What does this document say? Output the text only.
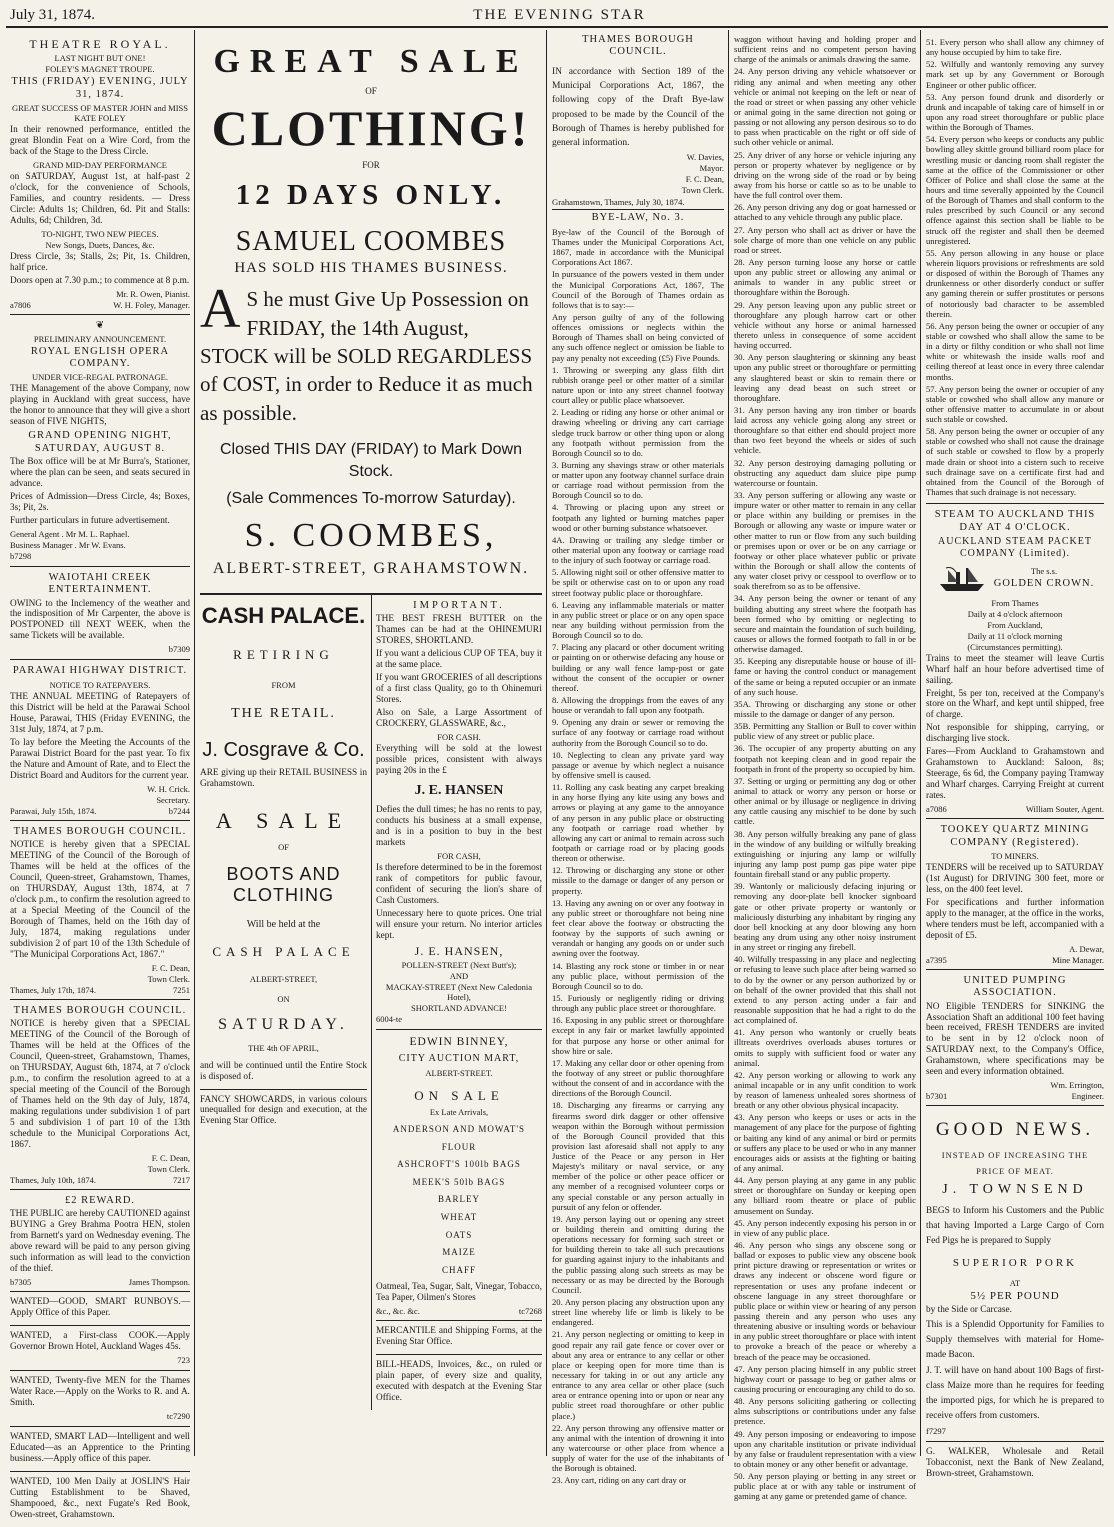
July 31, 1874.	THE EVENING STAR
THEATRE ROYAL.
LAST NIGHT BUT ONE!
FOLEY'S MAGNET TROUPE.
THIS (FRIDAY) EVENING, JULY 31, 1874.
GREAT SUCCESS OF MASTER JOHN and MISS KATE FOLEY

In their renowned performance, entitled the great Blondin Feat on a Wire Cord, from the back of the Stage to the Dress Circle.

GRAND MID-DAY PERFORMANCE

on SATURDAY, August 1st, at half-past 2 o'clock, for the convenience of Schools, Families, and country residents. — Dress Circle: Adults 1s; Children, 6d. Pit and Stalls: Adults, 6d; Children, 3d.

TO-NIGHT, TWO NEW PIECES.
New Songs, Duets, Dances, &c.

Dress Circle, 3s; Stalls, 2s; Pit, 1s. Children, half price.

Doors open at 7.30 p.m.; to commence at 8 p.m.

Mr. R. Owen, Pianist.
a7806	W. H. Foley, Manager.
❦
PRELIMINARY ANNOUNCEMENT.
ROYAL ENGLISH OPERA COMPANY.
UNDER VICE-REGAL PATRONAGE.

THE Management of the above Company, now playing in Auckland with great success, have the honor to announce that they will give a short season of FIVE NIGHTS,

GRAND OPENING NIGHT, SATURDAY, AUGUST 8.

The Box office will be at Mr Burra's, Stationer, where the plan can be seen, and seats secured in advance.

Prices of Admission—Dress Circle, 4s; Boxes, 3s; Pit, 2s.

Further particulars in future advertisement.

General Agent . Mr M. L. Raphael.
Business Manager . Mr W. Evans.
b7298
WAIOTAHI CREEK ENTERTAINMENT.

OWING to the Inclemency of the weather and the indisposition of Mr Carpenter, the above is POSTPONED till NEXT WEEK, when the same Tickets will be available.

b7309
PARAWAI HIGHWAY DISTRICT.
NOTICE TO RATEPAYERS.

THE ANNUAL MEETING of Ratepayers of this District will be held at the Parawai School House, Parawai, THIS (Friday EVENING, the 31st July, 1874, at 7 p.m.

To lay before the Meeting the Accounts of the Parawai District Board for the past year. To fix the Nature and Amount of Rate, and to Elect the District Board and Auditors for the current year.

W. H. Crick.
Secretary.
Parawai, July 15th, 1874.	b7244
THAMES BOROUGH COUNCIL.

NOTICE is hereby given that a SPECIAL MEETING of the Council of the Borough of Thames will be held at the offices of the Council, Queen-street, Grahamstown, Thames, on THURSDAY, August 13th, 1874, at 7 o'clock p.m., to confirm the resolution agreed to at a Special Meeting of the Council of the Borough of Thames, held on the 16th day of July, 1874, making regulations under subdivision 2 of part 10 of the 13th Schedule of "The Municipal Corporations Act, 1867."

F. C. Dean,
Town Clerk.
Thames, July 17th, 1874.	7251
THAMES BOROUGH COUNCIL.

NOTICE is hereby given that a SPECIAL MEETING of the Council of the Borough of Thames will be held at the Offices of the Council, Queen-street, Grahamstown, Thames, on THURSDAY, August 6th, 1874, at 7 o'clock p.m., to confirm the resolution agreed to at a special meeting of the Council of the Borough of Thames held on the 9th day of July, 1874, making regulations under subdivision 1 of part 5 and subdivision 1 of part 10 of the 13th schedule to the Municipal Corporations Act, 1867.

F. C. Dean,
Town Clerk.
Thames, July 10th, 1874.	7217
£2 REWARD.

THE PUBLIC are hereby CAUTIONED against BUYING a Grey Brahma Pootra HEN, stolen from Barnett's yard on Wednesday evening. The above reward will be paid to any person giving such information as will lead to the conviction of the thief.

b7305	James Thompson.

WANTED—GOOD, SMART RUNBOYS.—Apply Office of this Paper.

WANTED, a First-class COOK.—Apply Governor Brown Hotel, Auckland Wages 45s.

723

WANTED, Twenty-five MEN for the Thames Water Race.—Apply on the Works to R. and A. Smith.

tc7290

WANTED, SMART LAD—Intelligent and well Educated—as an Apprentice to the Printing business.—Apply office of this paper.

WANTED, 100 Men Daily at JOSLIN'S Hair Cutting Establishment to be Shaved, Shampooed, &c., next Fugate's Red Book, Owen-street, Grahamstown.

GREAT SALE
OF
CLOTHING!
FOR
12 DAYS ONLY.
SAMUEL COOMBES
HAS SOLD HIS THAMES BUSINESS.
A S he must Give Up Possession on FRIDAY, the 14th August, STOCK will be SOLD REGARDLESS of COST, in order to Reduce it as much as possible.
Closed THIS DAY (FRIDAY) to Mark Down Stock.
(Sale Commences To-morrow Saturday).
S. COOMBES,
ALBERT-STREET, GRAHAMSTOWN.
CASH PALACE.
RETIRING
FROM
THE RETAIL.
J. Cosgrave & Co.

ARE giving up their RETAIL BUSINESS in Grahamstown.

A SALE
OF
BOOTS AND CLOTHING
Will be held at the
CASH PALACE
ALBERT-STREET,
ON
SATURDAY.
THE 4th OF APRIL,

and will be continued until the Entire Stock is disposed of.

FANCY SHOWCARDS, in various colours unequalled for design and execution, at the Evening Star Office.

IMPORTANT.

THE BEST FRESH BUTTER on the Thames can be had at the OHINEMURI STORES, SHORTLAND.

If you want a delicious CUP OF TEA, buy it at the same place.

If you want GROCERIES of all descriptions of a first class Quality, go to th Ohinemuri Stores.

Also on Sale, a Large Assortment of CROCKERY, GLASSWARE, &c.,

FOR CASH.

Everything will be sold at the lowest possible prices, consistent with always paying 20s in the £

J. E. HANSEN

Defies the dull times; he has no rents to pay, conducts his business at a small expense, and is in a position to buy in the best markets

FOR CASH,

Is therefore determined to be in the foremost rank of competitors for public favour, confident of securing the lion's share of Cash Customers.

Unnecessary here to quote prices. One trial will ensure your return. No interior articles kept.

J. E. HANSEN,
POLLEN-STREET (Next Butt's);
AND
MACKAY-STREET (Next New Caledonia Hotel),
SHORTLAND ADVANCE!
6004-te
EDWIN BINNEY,
CITY AUCTION MART,
ALBERT-STREET.
ON SALE
Ex Late Arrivals,
ANDERSON AND MOWAT'S
FLOUR
ASHCROFT'S 100lb BAGS
MEEK'S 50lb BAGS
BARLEY
WHEAT
OATS
MAIZE
CHAFF

Oatmeal, Tea, Sugar, Salt, Vinegar, Tobacco, Tea Paper, Oilmen's Stores

&c., &c. &c.	tc7268

MERCANTILE and Shipping Forms, at the Evening Star Office.

BILL-HEADS, Invoices, &c., on ruled or plain paper, of every size and quality, executed with despatch at the Evening Star Office.

THAMES BOROUGH COUNCIL.

IN accordance with Section 189 of the Municipal Corporations Act, 1867, the following copy of the Draft Bye-law proposed to be made by the Council of the Borough of Thames is hereby published for general information.

W. Davies,
Mayor.
F. C. Dean,
Town Clerk.

Grahamstown, Thames, July 30, 1874.

BYE-LAW, No. 3.

Bye-law of the Council of the Borough of Thames under the Municipal Corporations Act, 1867, made in accordance with the Municipal Corporations Act 1867.

In pursuance of the powers vested in them under the Municipal Corporations Act, 1867, The Council of the Borough of Thames ordain as follows that is to say:—

Any person guilty of any of the following offences omissions or neglects within the Borough of Thames shall on being convicted of any such offence neglect or omission be liable to pay any penalty not exceeding (£5) Five Pounds.

1. Throwing or sweeping any glass filth dirt rubbish orange peel or other matter of a similar nature upon or into any street channel footway court alley or public place whatsoever.

2. Leading or riding any horse or other animal or drawing wheeling or driving any cart carriage sledge truck barrow or other thing upon or along any footpath without permission from the Borough Council so to do.

3. Burning any shavings straw or other materials or matter upon any footway channel surface drain or carriage road without permission from the Borough Council so to do.

4. Throwing or placing upon any street or footpath any lighted or burning matches paper wood or other burning substance whatsoever.

4A. Drawing or trailing any sledge timber or other material upon any footway or carriage road to the injury of such footway or carriage road.

5. Allowing night soil or other offensive matter to be spilt or otherwise cast on to or upon any road street footway public place or thoroughfare.

6. Leaving any inflammable materials or matter in any public street or place or on any open space near any building without permission from the Borough Council so to do.

7. Placing any placard or other document writing or painting on or otherwise defacing any house or building or any wall fence lamp-post or gate without the consent of the occupier or owner thereof.

8. Allowing the droppings from the eaves of any house or verandah to fall upon any footpath.

9. Opening any drain or sewer or removing the surface of any footway or carriage road without authority from the Borough Council so to do.

10. Neglecting to clean any private yard way passage or avenue by which neglect a nuisance by offensive smell is caused.

11. Rolling any cask beating any carpet breaking in any horse flying any kite using any bows and arrows or playing at any game to the annoyance of any person in any public place or obstructing any footpath or carriage road whether by allowing any cart or animal to remain across such footpath or carriage road or by placing goods thereon or otherwise.

12. Throwing or discharging any stone or other missile to the damage or danger of any person or property.

13. Having any awning on or over any footway in any public street or thoroughfare not being nine feet clear above the footway or obstructing the footway by the supports of such awning or verandah or hanging any goods on or under such awning over the footway.

14. Blasting any rock stone or timber in or near any public place, without permission of the Borough Council so to do.

15. Furiously or negligently riding or driving through any public place street or thoroughfare.

16. Exposing in any public street or thoroughfare except in any fair or market lawfully appointed for that purpose any horse or other animal for show hire or sale.

17. Making any cellar door or other opening from the footway of any street or public thoroughfare without the consent of and in accordance with the directions of the Borough Council.

18. Discharging any firearms or carrying any firearms sword dirk dagger or other offensive weapon within the Borough without permission of the Borough Council provided that this provision last aforesaid shall not apply to any Justice of the Peace or any person in Her Majesty's military or naval service, or any member of the police or other peace officer or any member of a recognised volunteer corps or any special constable or any person actually in pursuit of any felon or offender.

19. Any person laying out or opening any street or building therein and omitting during the operations necessary for forming such street or for building therein to take all such precautions for guarding against injury to the inhabitants and the public passing along such streets as may be necessary or as may be directed by the Borough Council.

20. Any person placing any obstruction upon any street line whereby life or limb is likely to be endangered.

21. Any person neglecting or omitting to keep in good repair any rail gate fence or cover over or about any area or entrance to any cellar or other place or keeping open for more time than is necessary for taking in or out any article any entrance to any area cellar or other place (such area or entrance opening into or upon or near any public street road thoroughfare or other public place.)

22. Any person throwing any offensive matter or any animal with the intention of drowning it into any watercourse or other place from whence a supply of water for the use of the inhabitants of the Borough is obtained.

23. Any cart, riding on any cart dray or

waggon without having and holding proper and sufficient reins and no competent person having charge of the animals or animals drawing the same.

24. Any person driving any vehicle whatsoever or riding any animal and when meeting any other vehicle or animal not keeping on the left or near of the road or street or when passing any other vehicle or animal going in the same direction not going or passing or not allowing any person desirous so to do to pass when practicable on the right or off side of such other vehicle or animal.

25. Any driver of any horse or vehicle injuring any person or property whatever by negligence or by driving on the wrong side of the road or by being away from his horse or cattle so as to be unable to have the full control over them.

26. Any person driving any dog or goat harnessed or attached to any vehicle through any public place.

27. Any person who shall act as driver or have the sole charge of more than one vehicle on any public road or street.

28. Any person turning loose any horse or cattle upon any public street or allowing any animal or animals to wander in any public street or thoroughfare within the Borough.

29. Any person leaving upon any public street or thoroughfare any plough harrow cart or other vehicle without any horse or animal harnessed thereto unless in consequence of some accident having occurred.

30. Any person slaughtering or skinning any beast upon any public street or thoroughfare or permitting any slaughtered beast or skin to remain there or leaving any dead beast on such street or thoroughfare.

31. Any person having any iron timber or boards laid across any vehicle going along any street or thoroughfare so that either end should project more than two feet beyond the wheels or sides of such vehicle.

32. Any person destroying damaging polluting or obstructing any aqueduct dam sluice pipe pump watercourse or fountain.

33. Any person suffering or allowing any waste or impure water or other matter to remain in any cellar or place within any building or premises in the Borough or allowing any waste or impure water or other matter to run or flow from any such building or premises upon or over or be on any carriage or footway or other place whatever public or private within the Borough or shall allow the contents of any water closet privy or cesspool to overflow or to soak therefrom so as to be offensive.

34. Any person being the owner or tenant of any building abutting any street where the footpath has been formed who by omitting or neglecting to secure and maintain the foundation of such building, causes or allows the formed footpath to fall in or be otherwise damaged.

35. Keeping any disreputable house or house of ill-fame or having the control conduct or management of the same or being a reputed occupier or an inmate of any such house.

35A. Throwing or discharging any stone or other missile to the damage or danger of any person.

35B. Permitting any Stallion or Bull to cover within public view of any street or public place.

36. The occupier of any property abutting on any footpath not keeping clean and in good repair the footpath in front of the property so occupied by him.

37. Setting or urging or permitting any dog or other animal to attack or worry any person or horse or other animal or by illusage or negligence in driving any cattle causing any mischief to be done by such cattle.

38. Any person wilfully breaking any pane of glass in the window of any building or wilfully breaking extinguishing or injuring any lamp or wilfully injuring any lamp post pump gas pipe water pipe fountain fireball stand or any public property.

39. Wantonly or maliciously defacing injuring or removing any door-plate bell knocker signboard gate or other private property or wantonly or maliciously disturbing any inhabitant by ringing any door bell knocking at any door blowing any horn beating any drum using any other noisy instrument in any street or ringing any firebell.

40. Wilfully trespassing in any place and neglecting or refusing to leave such place after being warned so to do by the owner or any person authorized by or on behalf of the owner provided that this shall not extend to any person acting under a fair and reasonable supposition that he had a right to do the act complained of.

41. Any person who wantonly or cruelly beats illtreats overdrives overloads abuses tortures or omits to supply with sufficient food or water any animal.

42. Any person working or allowing to work any animal incapable or in any unfit condition to work by reason of lameness unhealed sores shortness of breath or any other obvious physical incapacity.

43. Any person who keeps or uses or acts in the management of any place for the purpose of fighting or baiting any kind of any animal or bird or permits or suffers any place to be used or who in any manner encourages aids or assists at the fighting or baiting of any animal.

44. Any person playing at any game in any public street or thoroughfare on Sunday or keeping open any billiard room theatre or place of public amusement on Sunday.

45. Any person indecently exposing his person in or in view of any public place.

46. Any person who sings any obscene song or ballad or exposes to public view any obscene book print picture drawing or representation or writes or draws any indecent or obscene word figure or representation or uses any profane indecent or obscene language in any street thoroughfare or public place or within view or hearing of any person passing therein and any person who uses any threatening abusive or insulting words or behaviour in any public street thoroughfare or place with intent to provoke a breach of the peace or whereby a breach of the peace may be occasioned.

47. Any person placing himself in any public street highway court or passage to beg or gather alms or causing procuring or encouraging any child to do so.

48. Any persons soliciting gathering or collecting alms subscriptions or contributions under any false pretence.

49. Any person imposing or endeavoring to impose upon any charitable institution or private individual by any false or fraudulent representation with a view to obtain money or any other benefit or advantage.

50. Any person playing or betting in any street or public place at or with any table or instrument of gaming at any game or pretended game of chance.

51. Every person who shall allow any chimney of any house occupied by him to take fire.

52. Wilfully and wantonly removing any survey mark set up by any Government or Borough Engineer or other public officer.

53. Any person found drunk and disorderly or drunk and incapable of taking care of himself in or upon any road street thoroughfare or public place within the Borough of Thames.

54. Every person who keeps or conducts any public bowling alley skittle ground billiard room place for wrestling music or dancing room shall register the same at the office of the Commissioner or other Officer of Police and shall close the same at the hours and time severally appointed by the Council of the Borough of Thames and shall conform to the rules prescribed by such Council or any second offence against this section shall be liable to be struck off the register and shall then be deemed unregistered.

55. Any person allowing in any house or place wherein liquors provisions or refreshments are sold or disposed of within the Borough of Thames any drunkenness or other disorderly conduct or suffer any gaming therein or suffer prostitutes or persons of notoriously bad character to be assembled therein.

56. Any person being the owner or occupier of any stable or cowshed who shall allow the same to be in a dirty or filthy condition or who shall not lime white or whitewash the inside walls roof and ceiling thereof at least once in every three calendar months.

57. Any person being the owner or occupier of any stable or cowshed who shall allow any manure or other offensive matter to accumulate in or about such stable or cowshed.

58. Any person being the owner or occupier of any stable or cowshed who shall not cause the drainage of such stable or cowshed to flow by a properly made drain or shoot into a cistern such to receive such drainage save on a certificate first had and obtained from the Council of the Borough of Thames that such drainage is not necessary.

STEAM TO AUCKLAND THIS DAY AT 4 O'CLOCK.
AUCKLAND STEAM PACKET COMPANY (Limited).
The s.s.
GOLDEN CROWN.
From Thames
Daily at 4 o'clock afternoon
From Auckland,
Daily at 11 o'clock morning
(Circumstances permitting).

Trains to meet the steamer will leave Curtis Wharf half an hour before advertised time of sailing.

Freight, 5s per ton, received at the Company's store on the Wharf, and kept until shipped, free of charge.

Not responsible for shipping, carrying, or discharging live stock.

Fares—From Auckland to Grahamstown and Grahamstown to Auckland: Saloon, 8s; Steerage, 6s 6d, the Company paying Tramway and Wharf charges. Carrying Freight at current rates.

a7086	William Souter, Agent.
TOOKEY QUARTZ MINING COMPANY (Registered).
TO MINERS.

TENDERS will be received up to SATURDAY (1st August) for DRIVING 300 feet, more or less, on the 400 feet level.

For specifications and further information apply to the manager, at the office in the works, where tenders must be left, accompanied with a deposit of £5.

A. Dewar,
a7395	Mine Manager.
UNITED PUMPING ASSOCIATION.

NO Eligible TENDERS for SINKING the Association Shaft an additional 100 feet having been received, FRESH TENDERS are invited to be sent in by 12 o'clock noon of SATURDAY next, to the Company's Office, Grahamstown, where specifications may be seen and every information obtained.

Wm. Errington,
b7301	Engineer.
GOOD NEWS.
INSTEAD OF INCREASING THE
PRICE OF MEAT.
J. TOWNSEND

BEGS to Inform his Customers and the Public that having Imported a Large Cargo of Corn Fed Pigs he is prepared to Supply

SUPERIOR PORK
AT
5½ PER POUND

by the Side or Carcase.

This is a Splendid Opportunity for Families to Supply themselves with material for Home-made Bacon.

J. T. will have on hand about 100 Bags of first-class Maize more than he requires for feeding the imported pigs, for which he is prepared to receive offers from customers.

f7297

G. WALKER, Wholesale and Retail Tobacconist, next the Bank of New Zealand, Brown-street, Grahamstown.
